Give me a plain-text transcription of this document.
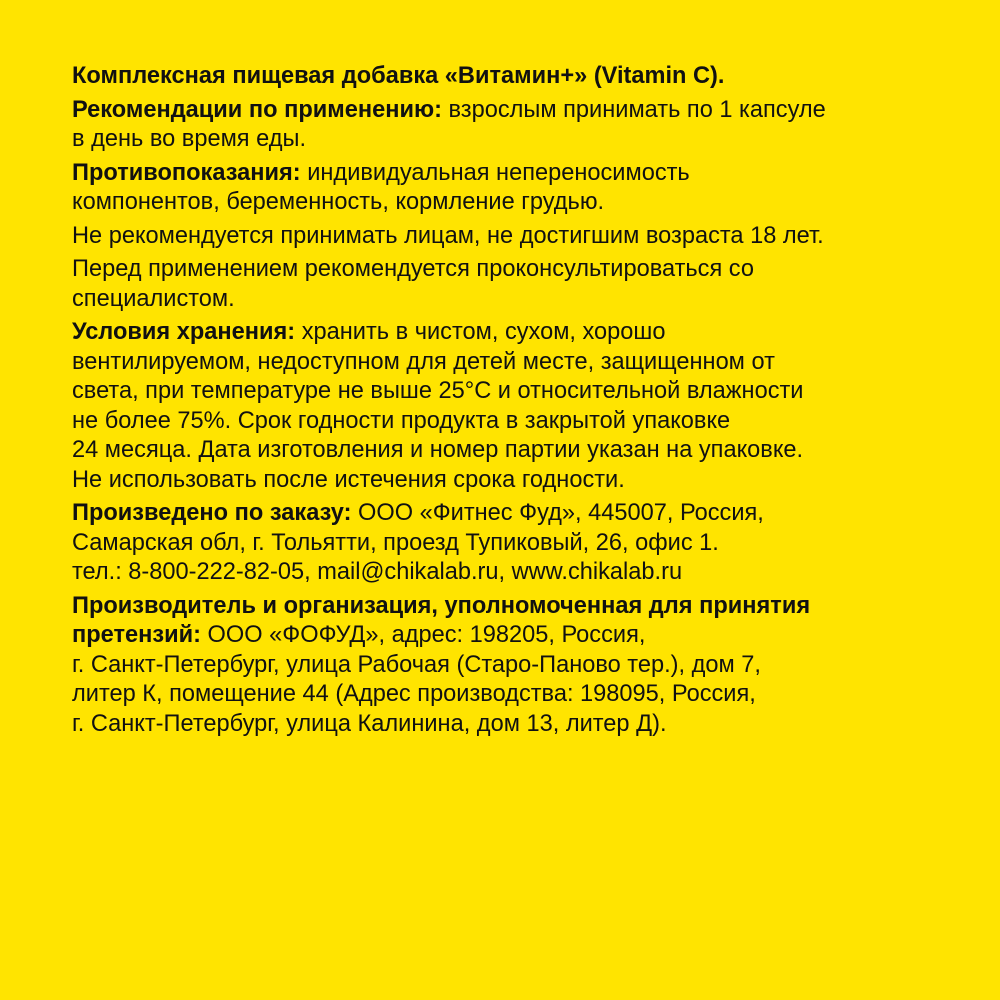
Комплексная пищевая добавка «Витамин+» (Vitamin C).

Рекомендации по применению: взрослым принимать по 1 капсуле
в день во время еды.

Противопоказания: индивидуальная непереносимость
компонентов, беременность, кормление грудью.

Не рекомендуется принимать лицам, не достигшим возраста 18 лет.

Перед применением рекомендуется проконсультироваться со
специалистом.

Условия хранения: хранить в чистом, сухом, хорошо
вентилируемом, недоступном для детей месте, защищенном от
света, при температуре не выше 25°С и относительной влажности
не более 75%. Срок годности продукта в закрытой упаковке
24 месяца. Дата изготовления и номер партии указан на упаковке.
Не использовать после истечения срока годности.

Произведено по заказу: ООО «Фитнес Фуд», 445007, Россия,
Самарская обл, г. Тольятти, проезд Тупиковый, 26, офис 1.
тел.: 8-800-222-82-05, mail@chikalab.ru, www.chikalab.ru

Производитель и организация, уполномоченная для принятия
претензий: ООО «ФОФУД», адрес: 198205, Россия,
г. Санкт-Петербург, улица Рабочая (Старо-Паново тер.), дом 7,
литер К, помещение 44 (Адрес производства: 198095, Россия,
г. Санкт-Петербург, улица Калинина, дом 13, литер Д).
